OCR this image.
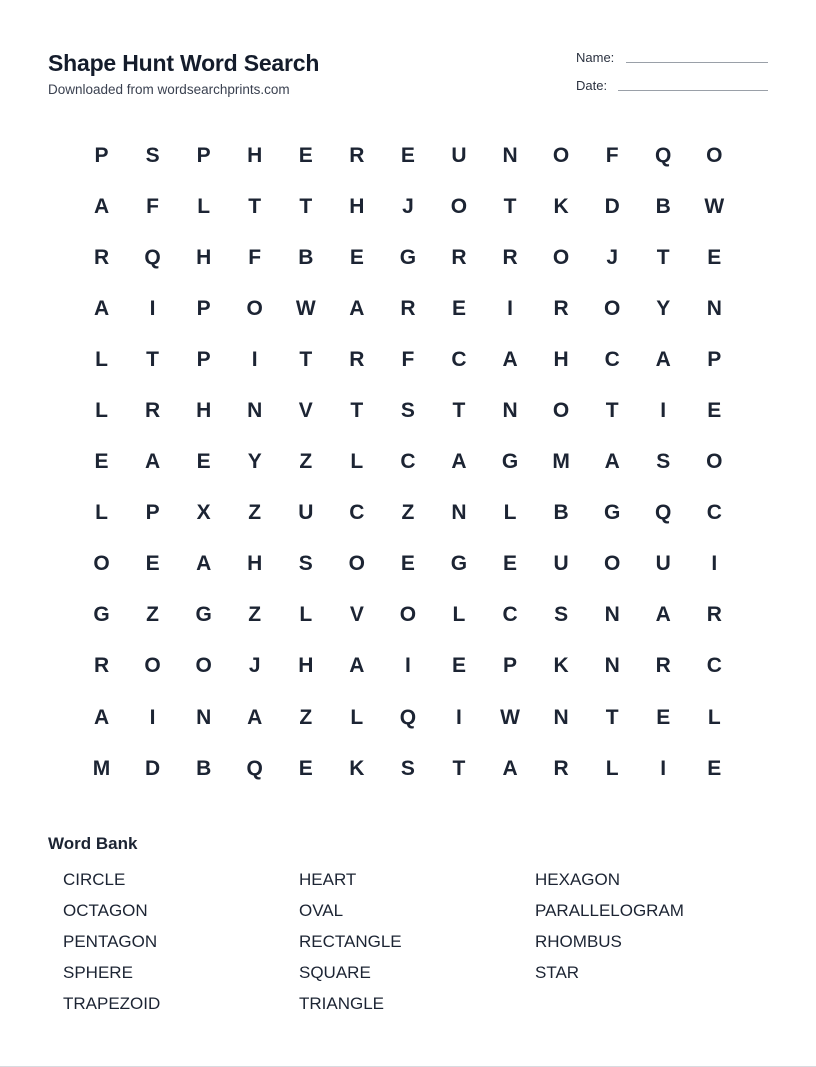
Shape Hunt Word Search
Downloaded from wordsearchprints.com
Name:
Date:
P	S	P	H	E	R	E	U	N	O	F	Q	O
A	F	L	T	T	H	J	O	T	K	D	B	W
R	Q	H	F	B	E	G	R	R	O	J	T	E
A	I	P	O	W	A	R	E	I	R	O	Y	N
L	T	P	I	T	R	F	C	A	H	C	A	P
L	R	H	N	V	T	S	T	N	O	T	I	E
E	A	E	Y	Z	L	C	A	G	M	A	S	O
L	P	X	Z	U	C	Z	N	L	B	G	Q	C
O	E	A	H	S	O	E	G	E	U	O	U	I
G	Z	G	Z	L	V	O	L	C	S	N	A	R
R	O	O	J	H	A	I	E	P	K	N	R	C
A	I	N	A	Z	L	Q	I	W	N	T	E	L
M	D	B	Q	E	K	S	T	A	R	L	I	E
Word Bank
CIRCLE	HEART	HEXAGON
OCTAGON	OVAL	PARALLELOGRAM
PENTAGON	RECTANGLE	RHOMBUS
SPHERE	SQUARE	STAR
TRAPEZOID	TRIANGLE
